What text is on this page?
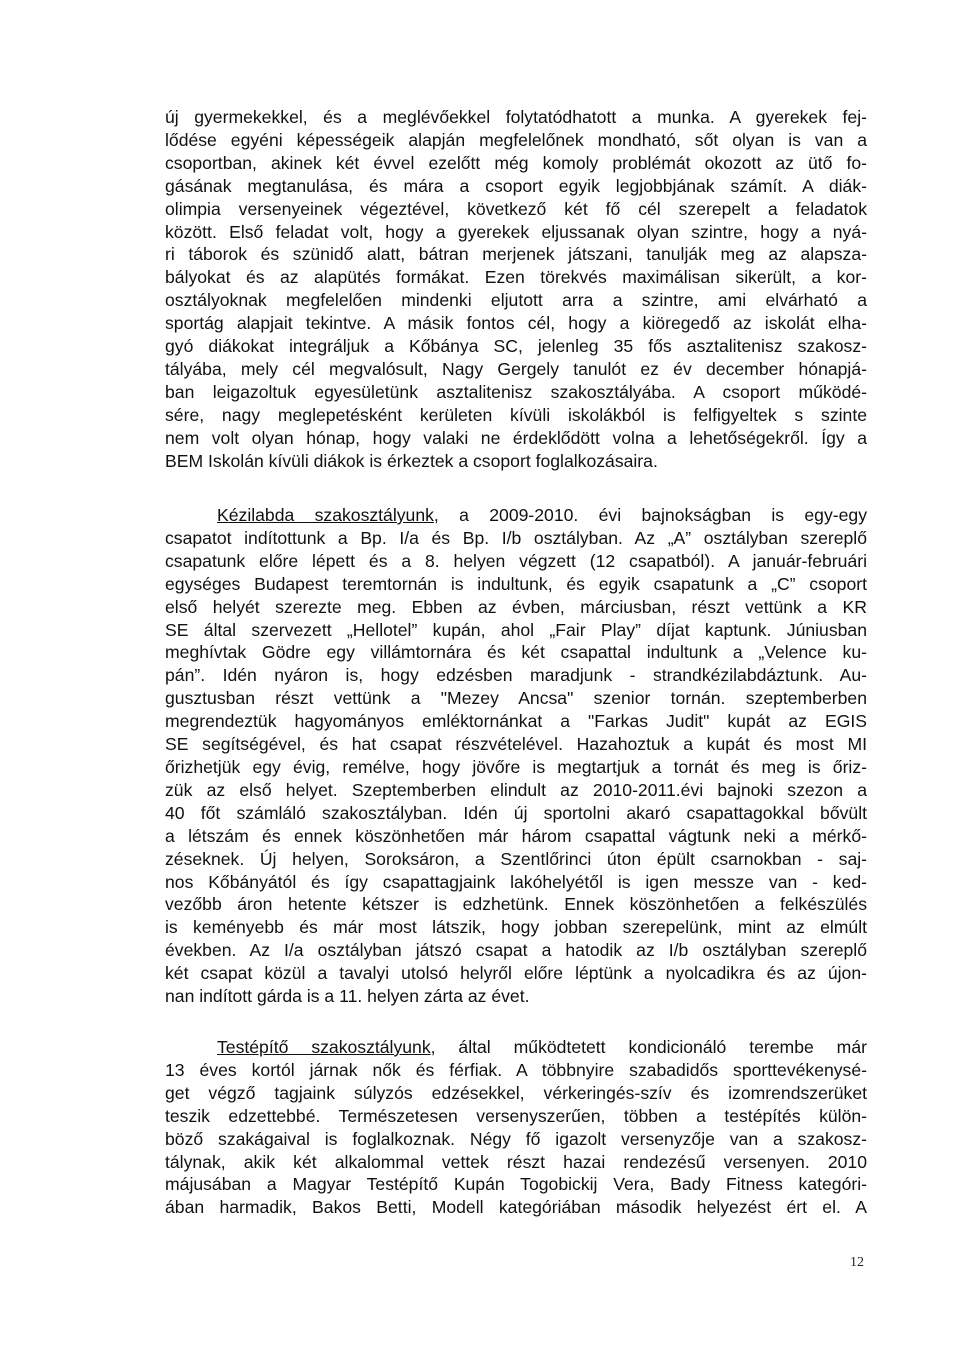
új gyermekekkel, és a meglévőekkel folytatódhatott a munka. A gyerekek fej-
lődése egyéni képességeik alapján megfelelőnek mondható, sőt olyan is van a
csoportban, akinek két évvel ezelőtt még komoly problémát okozott az ütő fo-
gásának megtanulása, és mára a csoport egyik legjobbjának számít. A diák-
olimpia versenyeinek végeztével, következő két fő cél szerepelt a feladatok
között. Első feladat volt, hogy a gyerekek eljussanak olyan szintre, hogy a nyá-
ri táborok és szünidő alatt, bátran merjenek játszani, tanulják meg az alapsza-
bályokat és az alapütés formákat. Ezen törekvés maximálisan sikerült, a kor-
osztályoknak megfelelően mindenki eljutott arra a szintre, ami elvárható a
sportág alapjait tekintve. A másik fontos cél, hogy a kiöregedő az iskolát elha-
gyó diákokat integráljuk a Kőbánya SC, jelenleg 35 fős asztalitenisz szakosz-
tályába, mely cél megvalósult, Nagy Gergely tanulót ez év december hónapjá-
ban leigazoltuk egyesületünk asztalitenisz szakosztályába. A csoport működé-
sére, nagy meglepetésként kerületen kívüli iskolákból is felfigyeltek s szinte
nem volt olyan hónap, hogy valaki ne érdeklődött volna a lehetőségekről. Így a
BEM Iskolán kívüli diákok is érkeztek a csoport foglalkozásaira.
Kézilabda szakosztályunk, a 2009-2010. évi bajnokságban is egy-egy
csapatot indítottunk a Bp. I/a és Bp. I/b osztályban. Az „A” osztályban szereplő
csapatunk előre lépett és a 8. helyen végzett (12 csapatból). A január-februári
egységes Budapest teremtornán is indultunk, és egyik csapatunk a „C” csoport
első helyét szerezte meg. Ebben az évben, márciusban, részt vettünk a KR
SE által szervezett „Hellotel” kupán, ahol „Fair Play” díjat kaptunk. Júniusban
meghívtak Gödre egy villámtornára és két csapattal indultunk a „Velence ku-
pán”. Idén nyáron is, hogy edzésben maradjunk - strandkézilabdáztunk. Au-
gusztusban részt vettünk a "Mezey Ancsa" szenior tornán. szeptemberben
megrendeztük hagyományos emléktornánkat a "Farkas Judit" kupát az EGIS
SE segítségével, és hat csapat részvételével. Hazahoztuk a kupát és most MI
őrizhetjük egy évig, remélve, hogy jövőre is megtartjuk a tornát és meg is őriz-
zük az első helyet. Szeptemberben elindult az 2010-2011.évi bajnoki szezon a
40 főt számláló szakosztályban. Idén új sportolni akaró csapattagokkal bővült
a létszám és ennek köszönhetően már három csapattal vágtunk neki a mérkő-
zéseknek. Új helyen, Soroksáron, a Szentlőrinci úton épült csarnokban - saj-
nos Kőbányától és így csapattagjaink lakóhelyétől is igen messze van - ked-
vezőbb áron hetente kétszer is edzhetünk. Ennek köszönhetően a felkészülés
is keményebb és már most látszik, hogy jobban szerepelünk, mint az elmúlt
években. Az I/a osztályban játszó csapat a hatodik az I/b osztályban szereplő
két csapat közül a tavalyi utolsó helyről előre léptünk a nyolcadikra és az újon-
nan indított gárda is a 11. helyen zárta az évet.
Testépítő szakosztályunk, által működtetett kondicionáló terembe már
13 éves kortól járnak nők és férfiak. A többnyire szabadidős sporttevékenysé-
get végző tagjaink súlyzós edzésekkel, vérkeringés-szív és izomrendszerüket
teszik edzettebbé. Természetesen versenyszerűen, többen a testépítés külön-
böző szakágaival is foglalkoznak. Négy fő igazolt versenyzője van a szakosz-
tálynak, akik két alkalommal vettek részt hazai rendezésű versenyen. 2010
májusában a Magyar Testépítő Kupán Togobickij Vera, Bady Fitness kategóri-
ában harmadik, Bakos Betti, Modell kategóriában második helyezést ért el. A
12
